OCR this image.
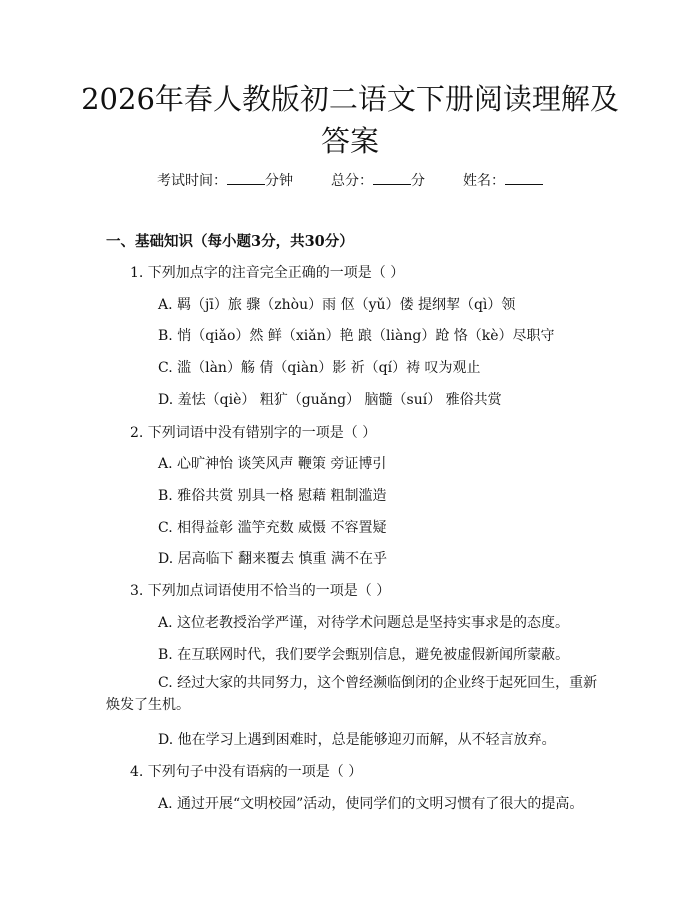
2026年春人教版初二语文下册阅读理解及答案
考试时间：	分钟	总分：	分	姓名：
一、基础知识（每小题3分，共30分）
1. 下列加点字的注音完全正确的一项是（ ）
A. 羁（jī）旅 骤（zhòu）雨 伛（yǔ）偻 提纲挈（qì）领
B. 悄（qiǎo）然 鲜（xiǎn）艳 踉（liàng）跄 恪（kè）尽职守
C. 滥（làn）觞 倩（qiàn）影 祈（qí）祷 叹为观止
D. 羞怯（qiè） 粗犷（guǎng） 脑髓（suí） 雅俗共赏
2. 下列词语中没有错别字的一项是（ ）
A. 心旷神怡 谈笑风声 鞭策 旁证博引
B. 雅俗共赏 别具一格 慰藉 粗制滥造
C. 相得益彰 滥竽充数 威慑 不容置疑
D. 居高临下 翻来覆去 慎重 满不在乎
3. 下列加点词语使用不恰当的一项是（ ）
A. 这位老教授治学严谨，对待学术问题总是坚持实事求是的态度。
B. 在互联网时代，我们要学会甄别信息，避免被虚假新闻所蒙蔽。
C. 经过大家的共同努力，这个曾经濒临倒闭的企业终于起死回生，重新焕发了生机。
D. 他在学习上遇到困难时，总是能够迎刃而解，从不轻言放弃。
4. 下列句子中没有语病的一项是（ ）
A. 通过开展“文明校园”活动，使同学们的文明习惯有了很大的提高。
